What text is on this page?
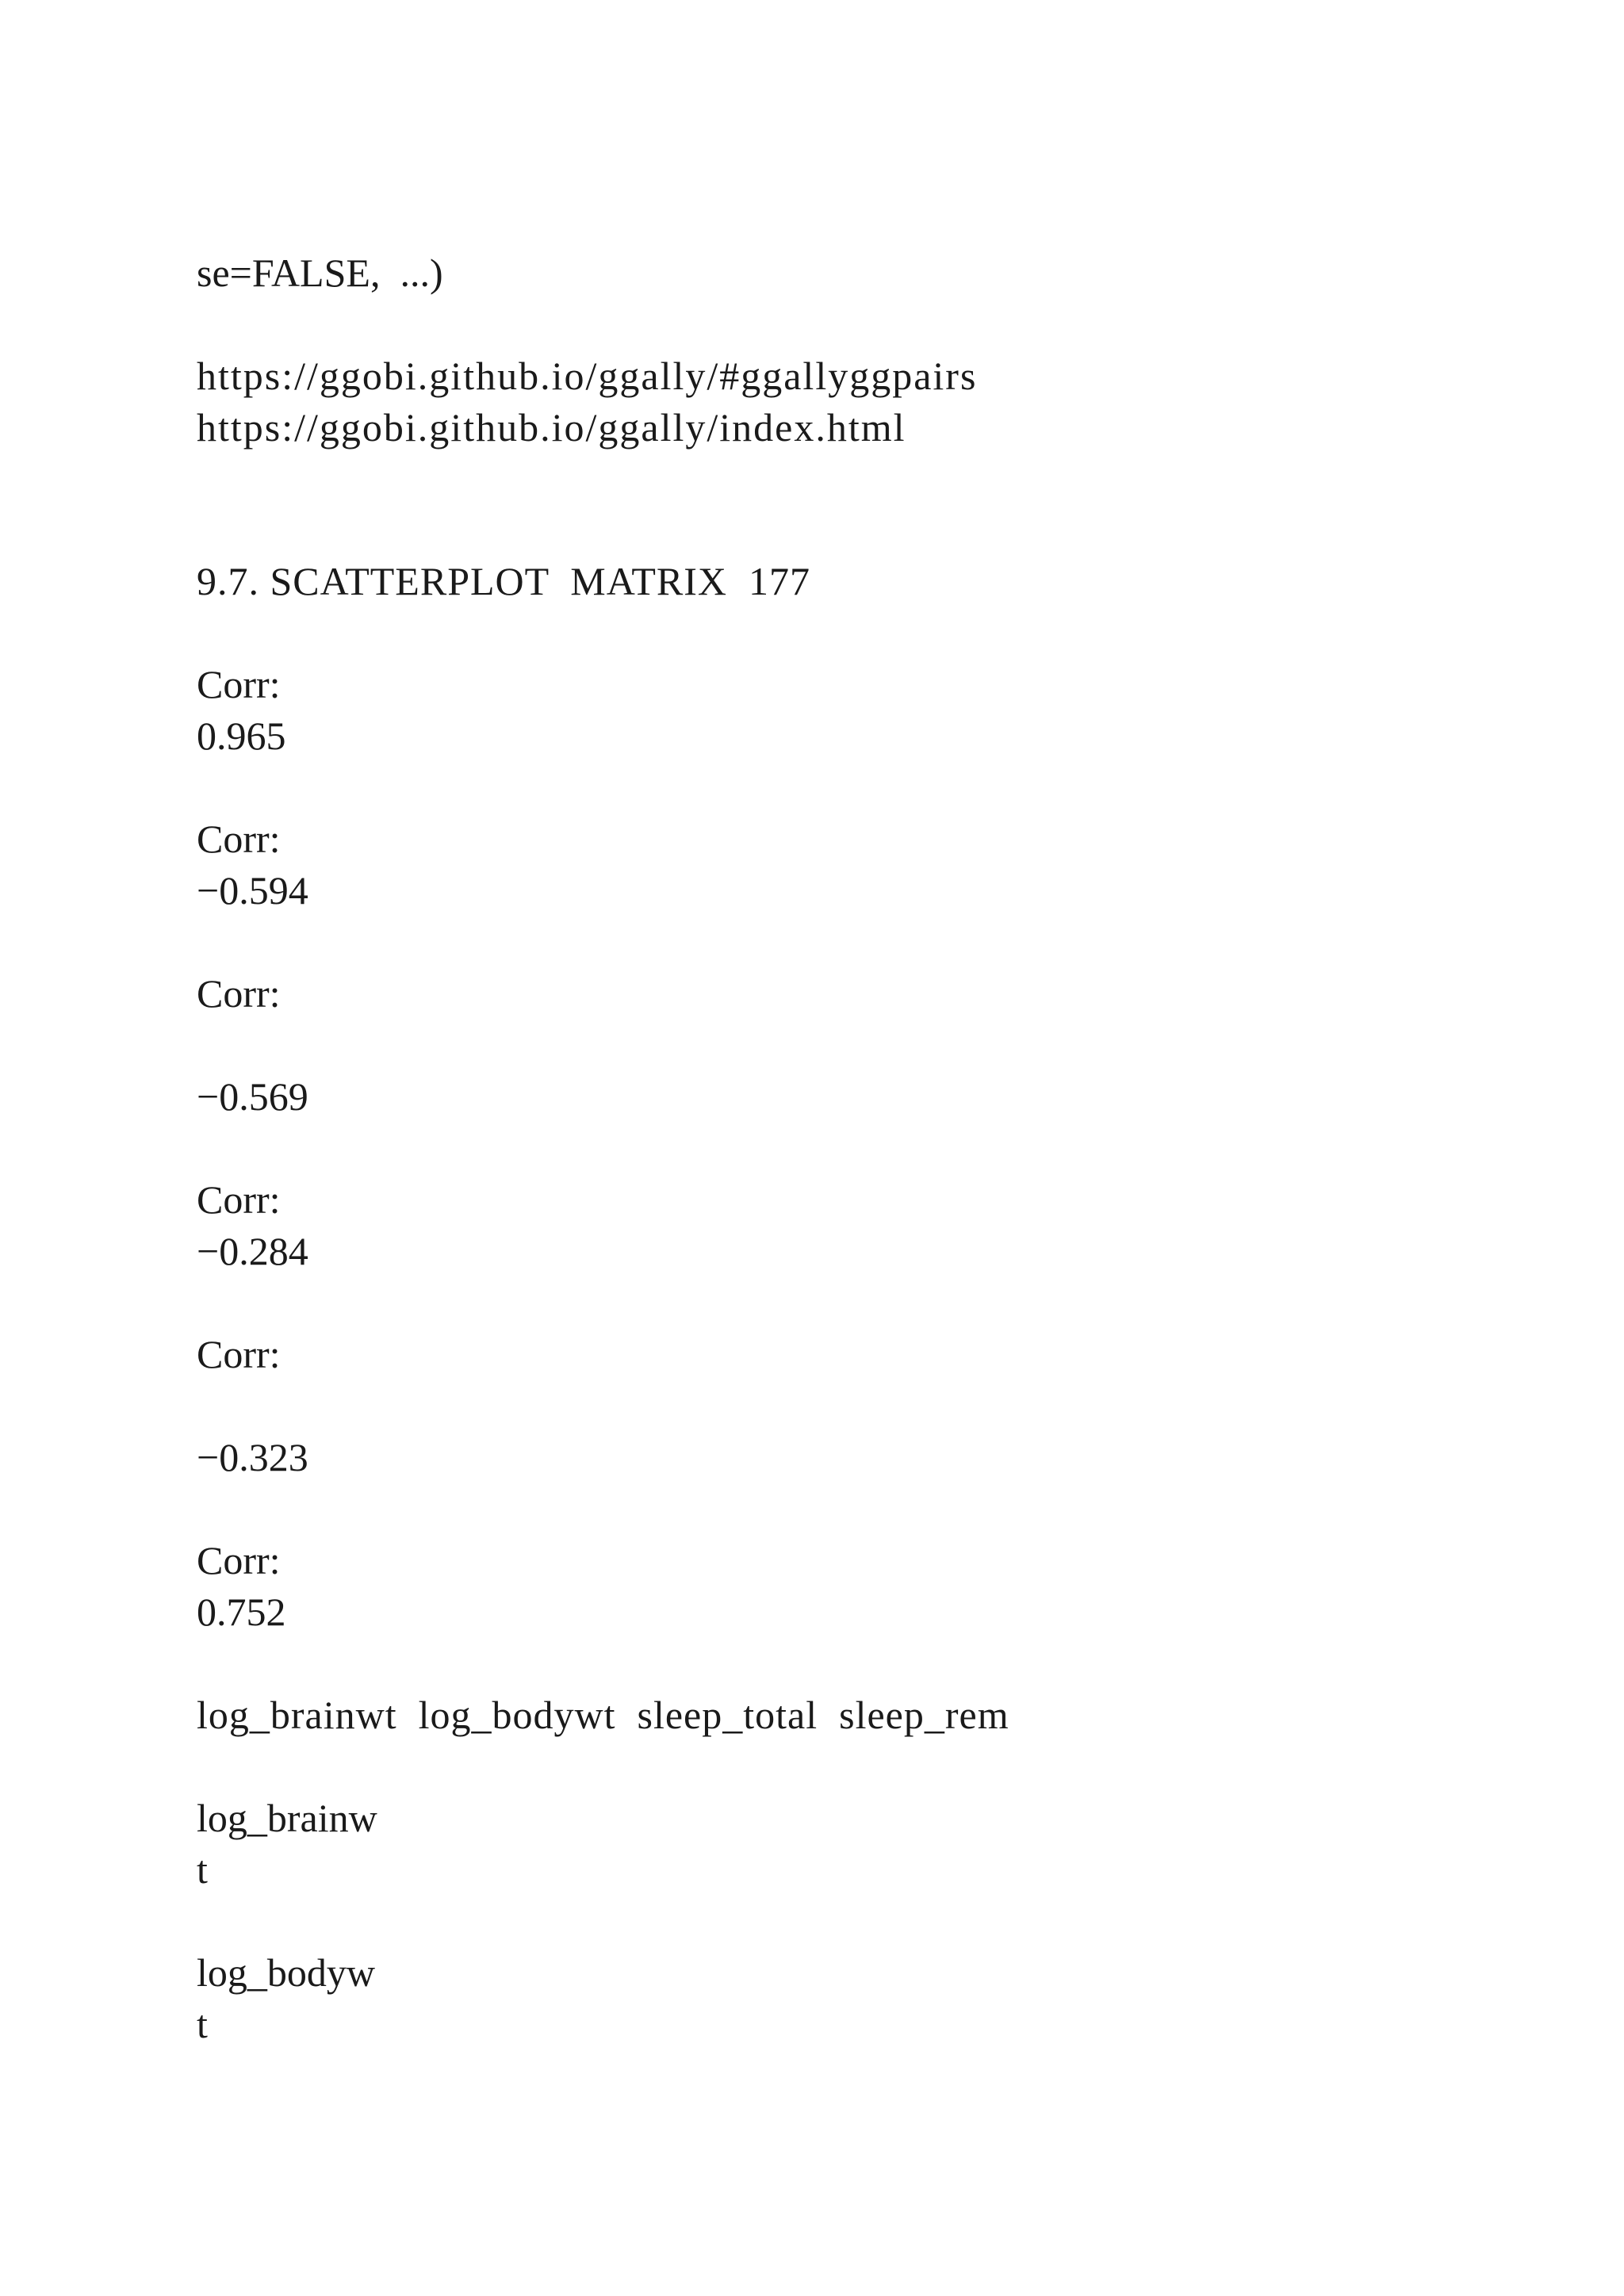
se=FALSE,  ...)

https://ggobi.github.io/ggally/#ggallyggpairs

https://ggobi.github.io/ggally/index.html

9.7. SCATTERPLOT  MATRIX  177

Corr:

0.965

Corr:

−0.594

Corr:

−0.569

Corr:

−0.284

Corr:

−0.323

Corr:

0.752

log_brainwt  log_bodywt  sleep_total  sleep_rem

log_brainw

t

log_bodyw

t
